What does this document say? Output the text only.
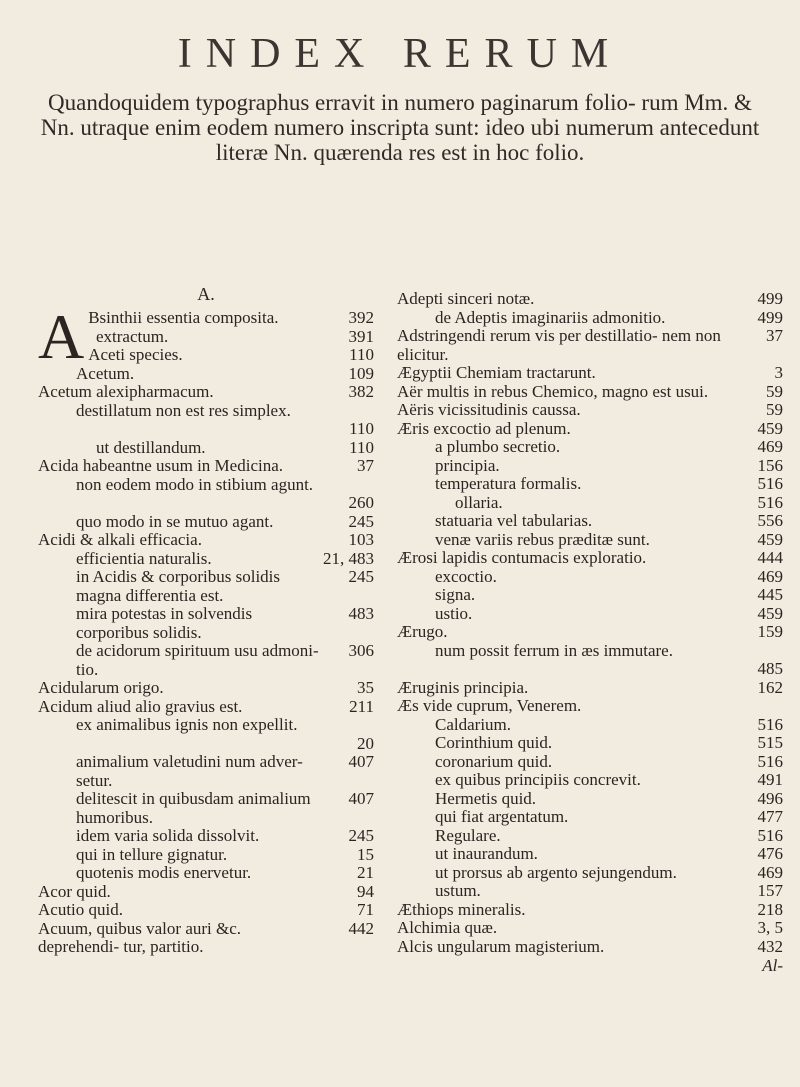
INDEX RERUM
Quandoquidem typographus erravit in numero paginarum folio- rum Mm. & Nn. utraque enim eodem numero inscripta sunt: ideo ubi numerum antecedunt literæ Nn. quærenda res est in hoc folio.
A.
A Bsinthii essentia composita.	392
extractum.	391
Aceti species.	110
Acetum.	109
Acetum alexipharmacum.	382
destillatum non est res simplex.
110
ut destillandum.	110
Acida habeantne usum in Medicina.	37
non eodem modo in stibium agunt.
260
quo modo in se mutuo agant.	245
Acidi & alkali efficacia.	103
efficientia naturalis.	21, 483
in Acidis & corporibus solidis magna differentia est.
245
mira potestas in solvendis corporibus solidis.
483
de acidorum spirituum usu admoni- tio.
306
Acidularum origo.	35
Acidum aliud alio gravius est.	211
ex animalibus ignis non expellit.
20
animalium valetudini num adver- setur.
407
delitescit in quibusdam animalium humoribus.
407
idem varia solida dissolvit.	245
qui in tellure gignatur.	15
quotenis modis enervetur.	21
Acor quid.	94
Acutio quid.	71
Acuum, quibus valor auri &c. deprehendi- tur, partitio.
442
Adepti sinceri notæ.	499
de Adeptis imaginariis admonitio.	499
Adstringendi rerum vis per destillatio- nem non elicitur.
37
Ægyptii Chemiam tractarunt.	3
Aër multis in rebus Chemico, magno est usui.	59
Aëris vicissitudinis caussa.	59
Æris excoctio ad plenum.	459
a plumbo secretio.	469
principia.	156
temperatura formalis.	516
ollaria.	516
statuaria vel tabularias.	556
venæ variis rebus præditæ sunt.	459
Ærosi lapidis contumacis exploratio.	444
excoctio.	469
signa.	445
ustio.	459
Ærugo.	159
num possit ferrum in æs immutare.
485
Æruginis principia.	162
Æs vide cuprum, Venerem.
Caldarium.	516
Corinthium quid.	515
coronarium quid.	516
ex quibus principiis concrevit.	491
Hermetis quid.	496
qui fiat argentatum.	477
Regulare.	516
ut inaurandum.	476
ut prorsus ab argento sejungendum.	469
ustum.	157
Æthiops mineralis.	218
Alchimia quæ.	3, 5
Alcis ungularum magisterium.	432
Al-
